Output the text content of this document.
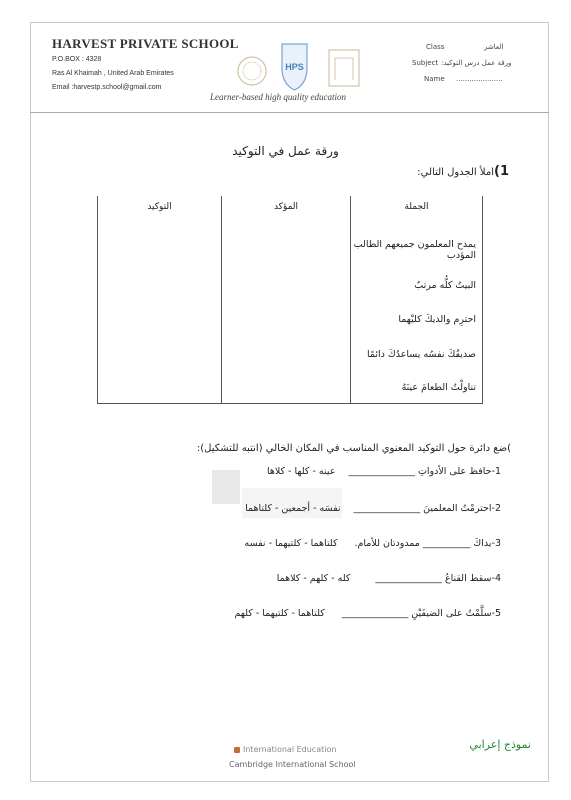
HARVEST PRIVATE SCHOOL
P.O.BOX : 4328
Ras Al Khaimah , United Arab Emirates
Email :harvestp.school@gmail.com
HPS
Learner-based high quality education
Class	العاشر
Subject ورقة عمل درس التوكيد:
Name .....................
ورقة عمل في التوكيد
1)املأ الجدول التالي:
الجملة	المؤكد	التوكيد
يمدح المعلمون جميعهم الطالب المؤدب		
البيتُ كلُّه مرتبٌ		
احترِم والديكَ كليْهما		
صديقُكَ نفسُه يساعدُكَ دائمًا		
تناولْتُ الطعامَ عينَهُ		
)ضع دائرة حول التوكيد المعنوي المناسب في المكان الخالي (انتبه للتشكيل):
1-حافظ على الأدواتِ ______________ عينه - كلها - كلاها
2-احترمْتُ المعلمينَ ______________ نفسَه - أجمعين - كلتاهما
3-يداكَ __________ ممدودتان للأمام. كلتاهما - كلتيهما - نفسه
4-سقط القناعُ ______________ كله - كلهم - كلاهما
5-سلَّمْتُ على الضيفَيْنِ ______________ كلتاهما - كلتيهما - كلهم
International Education
Cambridge International School
نموذج إعرابي
